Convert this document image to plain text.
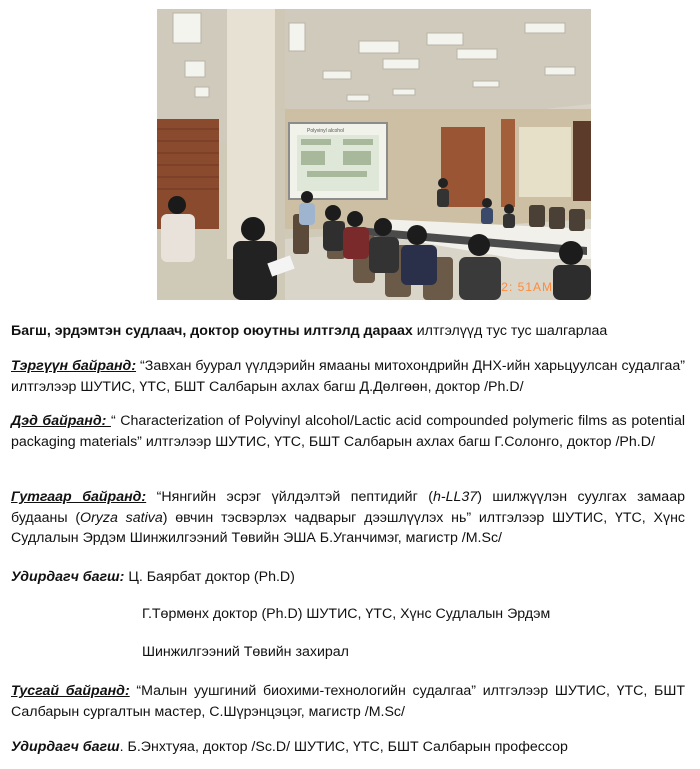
Polyvinyl alcohol
2: 51AM
Багш, эрдэмтэн судлаач, доктор оюутны илтгэлд дараах илтгэлүүд тус тус шалгарлаа
Тэргүүн байранд: “Завхан буурал үүлдэрийн ямааны митохондрийн ДНХ-ийн харьцуулсан судалгаа” илтгэлээр ШУТИС, ҮТС, БШТ Салбарын ахлах багш Д.Дөлгөөн, доктор /Ph.D/
Дэд байранд: “ Characterization of Polyvinyl alcohol/Lactic acid compounded polymeric films as potential packaging materials” илтгэлээр ШУТИС, ҮТС, БШТ Салбарын ахлах багш Г.Солонго, доктор /Ph.D/
Гутгаар байранд: “Нянгийн эсрэг үйлдэлтэй пептидийг (h-LL37) шилжүүлэн суулгах замаар будааны (Oryza sativa) өвчин тэсвэрлэх чадварыг дээшлүүлэх нь” илтгэлээр ШУТИС, ҮТС, Хүнс Судлалын Эрдэм Шинжилгээний Төвийн ЭША Б.Уганчимэг, магистр /M.Sc/
Удирдагч багш: Ц. Баярбат доктор (Ph.D)
Г.Төрмөнх доктор (Ph.D) ШУТИС, ҮТС, Хүнс Судлалын Эрдэм
Шинжилгээний Төвийн захирал
Тусгай байранд: “Малын уушгиний биохими-технологийн судалгаа” илтгэлээр ШУТИС, ҮТС, БШТ Салбарын сургалтын мастер, С.Шүрэнцэцэг, магистр /M.Sc/
Удирдагч багш. Б.Энхтуяа, доктор /Sc.D/ ШУТИС, ҮТС, БШТ Салбарын профессор
